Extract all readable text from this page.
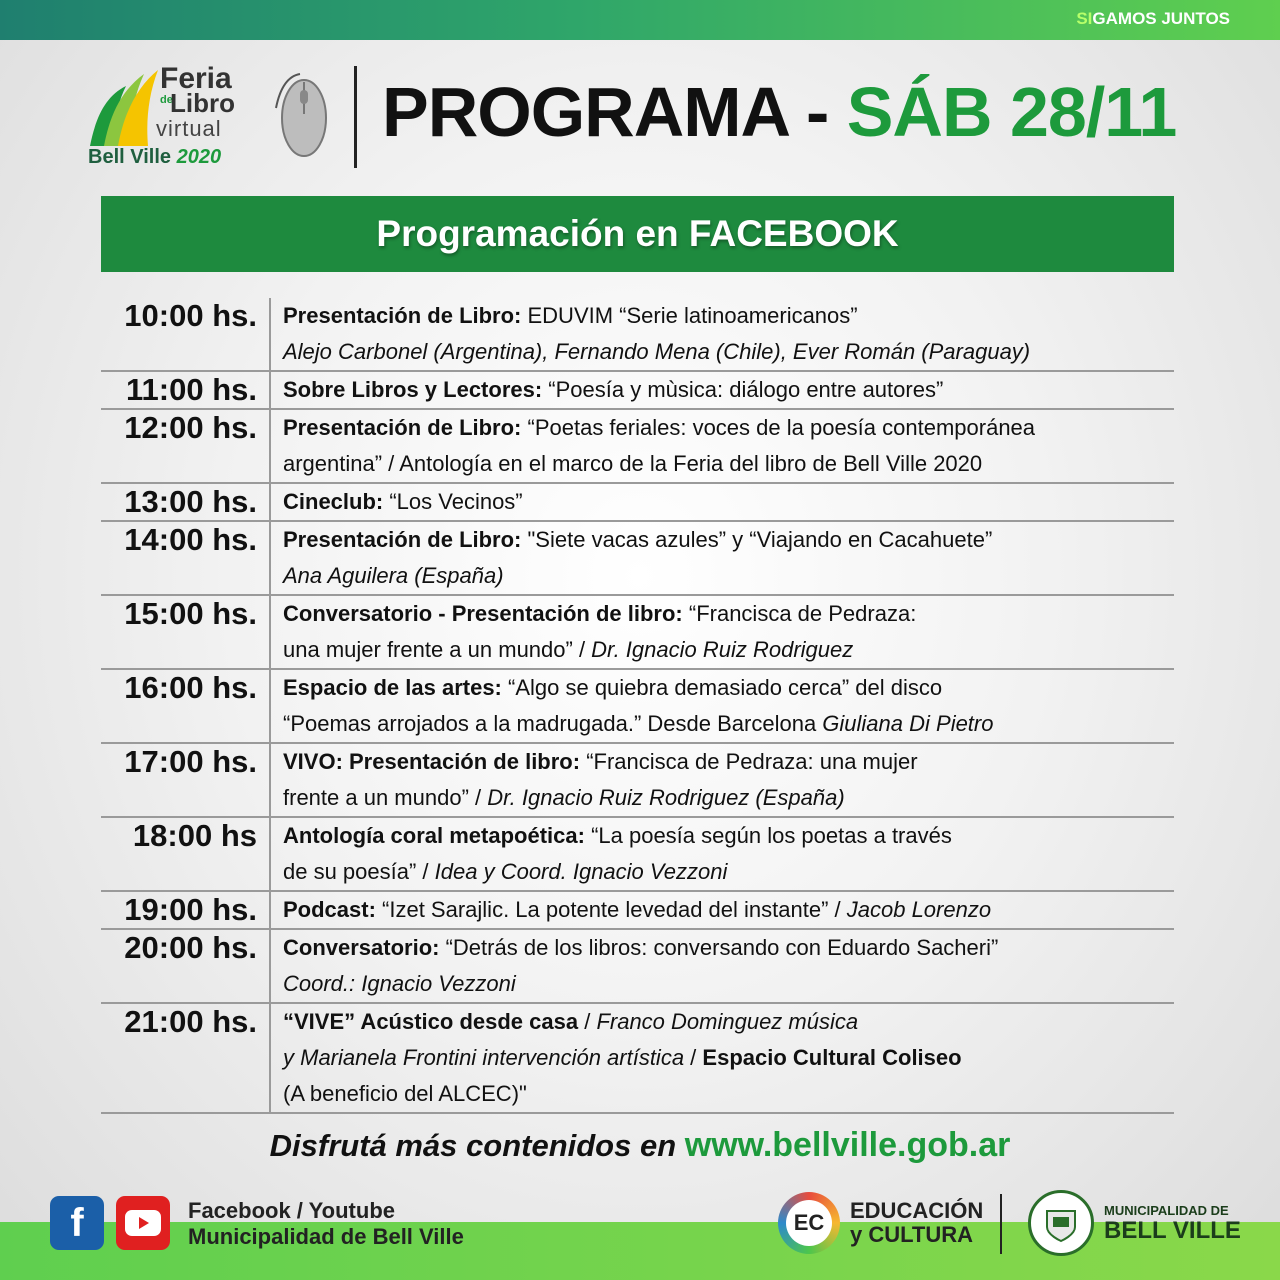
SIGAMOS JUNTOS
Feria
de
Libro
virtual
Bell Ville 2020
PROGRAMA - SÁB 28/11
Programación en FACEBOOK
10:00 hs.	Presentación de Libro: EDUVIM “Serie latinoamericanos”
Alejo Carbonel (Argentina), Fernando Mena (Chile), Ever Román (Paraguay)
11:00 hs.	Sobre Libros y Lectores: “Poesía y mùsica: diálogo entre autores”
12:00 hs.	Presentación de Libro: “Poetas feriales: voces de la poesía contemporánea
argentina” / Antología en el marco de la Feria del libro de Bell Ville 2020
13:00 hs.	Cineclub: “Los Vecinos”
14:00 hs.	Presentación de Libro: "Siete vacas azules” y “Viajando en Cacahuete”
Ana Aguilera (España)
15:00 hs.	Conversatorio - Presentación de libro: “Francisca de Pedraza:
una mujer frente a un mundo” / Dr. Ignacio Ruiz Rodriguez
16:00 hs.	Espacio de las artes: “Algo se quiebra demasiado cerca” del disco
“Poemas arrojados a la madrugada.” Desde Barcelona Giuliana Di Pietro
17:00 hs.	VIVO: Presentación de libro: “Francisca de Pedraza: una mujer
frente a un mundo” / Dr. Ignacio Ruiz Rodriguez (España)
18:00 hs	Antología coral metapoética: “La poesía según los poetas a través
de su poesía” / Idea y Coord. Ignacio Vezzoni
19:00 hs.	Podcast: “Izet Sarajlic. La potente levedad del instante” / Jacob Lorenzo
20:00 hs.	Conversatorio: “Detrás de los libros: conversando con Eduardo Sacheri”
Coord.: Ignacio Vezzoni
21:00 hs.	“VIVE” Acústico desde casa / Franco Dominguez música
y Marianela Frontini intervención artística / Espacio Cultural Coliseo
(A beneficio del ALCEC)"
Disfrutá más contenidos en www.bellville.gob.ar
f	Facebook / Youtube
Municipalidad de Bell Ville
EC	EDUCACIÓN
y CULTURA
MUNICIPALIDAD DE
BELL VILLE
